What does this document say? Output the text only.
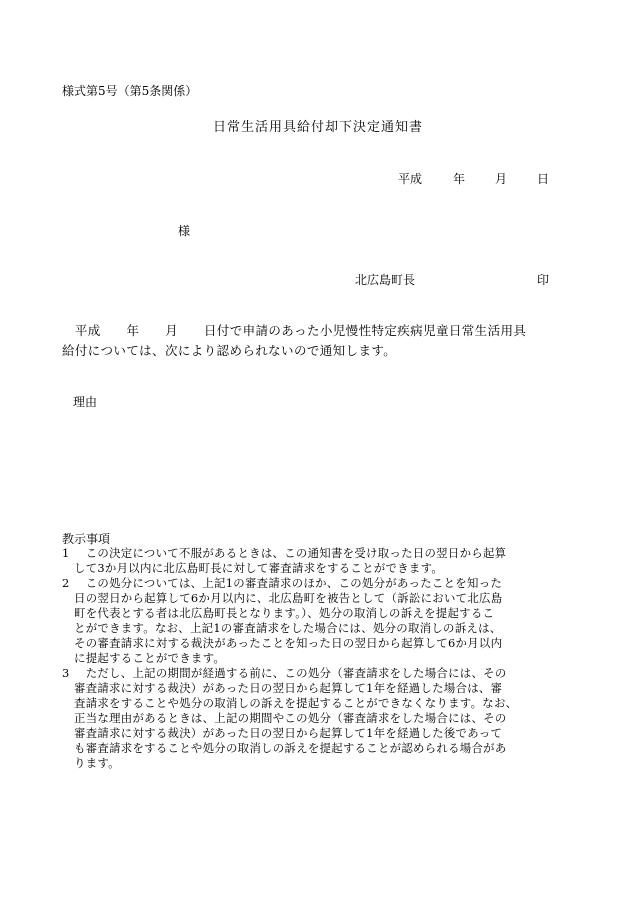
様式第5号（第5条関係）
日常生活用具給付却下決定通知書
平成	年 月 日
様
北広島町長	印
　平成　　年　　月　　日付で申請のあった小児慢性特定疾病児童日常生活用具
給付については、次により認められないので通知します。
理由
教示事項
1	　この決定について不服があるときは、この通知書を受け取った日の翌日から起算
して3か月以内に北広島町長に対して審査請求をすることができます。
2	　この処分については、上記1の審査請求のほか、この処分があったことを知った
日の翌日から起算して6か月以内に、北広島町を被告として（訴訟において北広島
町を代表とする者は北広島町長となります。）、処分の取消しの訴えを提起するこ
とができます。なお、上記1の審査請求をした場合には、処分の取消しの訴えは、
その審査請求に対する裁決があったことを知った日の翌日から起算して6か月以内
に提起することができます。
3	　ただし、上記の期間が経過する前に、この処分（審査請求をした場合には、その
審査請求に対する裁決）があった日の翌日から起算して1年を経過した場合は、審
査請求をすることや処分の取消しの訴えを提起することができなくなります。なお、
正当な理由があるときは、上記の期間やこの処分（審査請求をした場合には、その
審査請求に対する裁決）があった日の翌日から起算して1年を経過した後であって
も審査請求をすることや処分の取消しの訴えを提起することが認められる場合があ
ります。
